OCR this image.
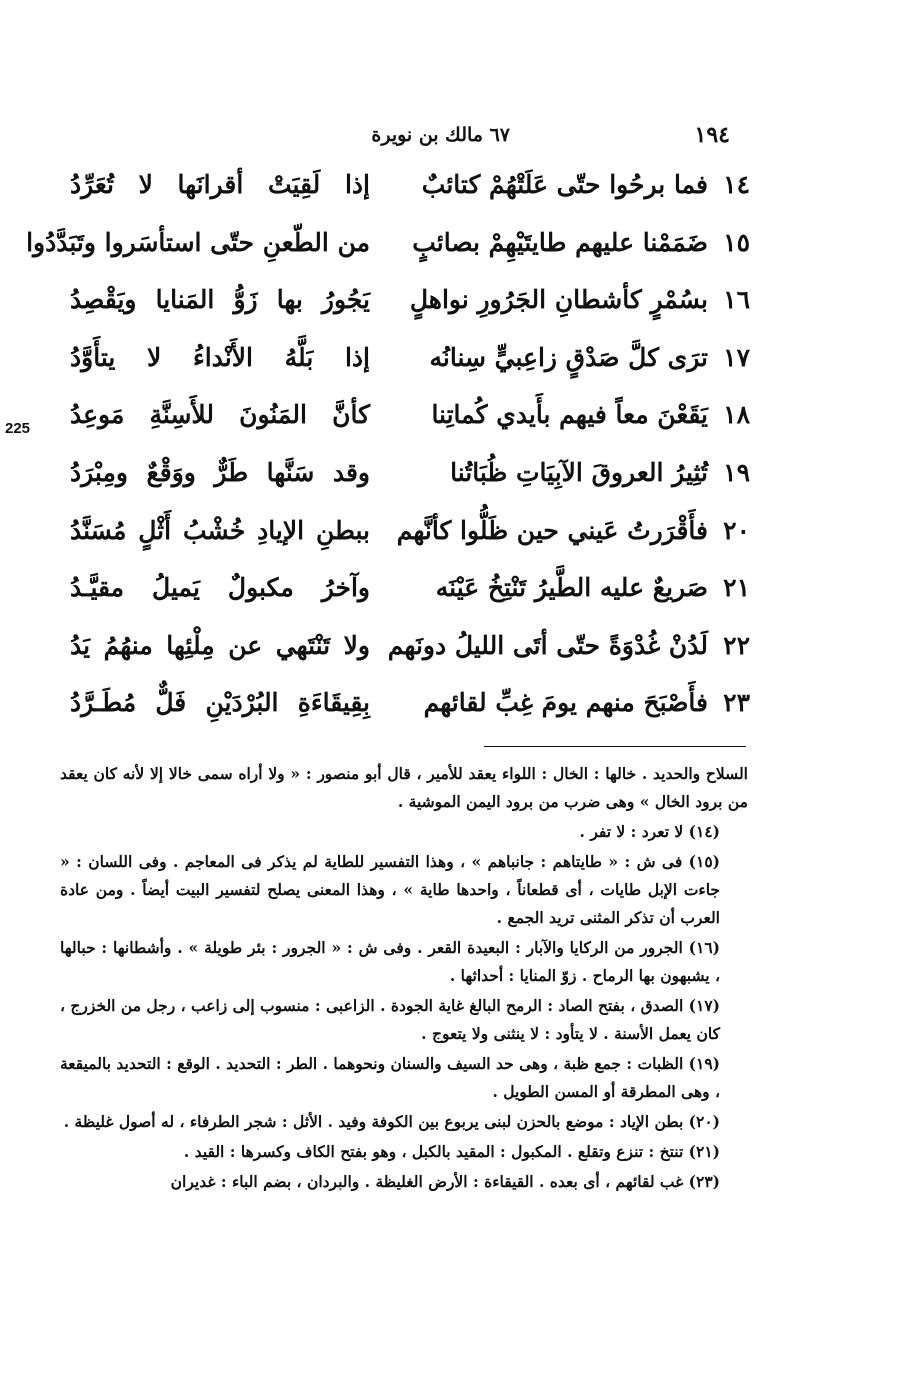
١٩٤
٦٧ مالك بن نويرة
225
١٤
فما برحُوا حتّى عَلَتْهُمْ كتائبٌ
إذا لَقِيَتْ أقرانَها لا تُعَرِّدُ
١٥
ضَمَمْنا عليهم طايتَيْهِمْ بصائبٍ
من الطّعنِ حتّى استأسَروا وتَبَدَّدُوا
١٦
بسُمْرٍ كأشطانِ الجَرُورِ نواهلٍ
يَجُورُ بها زَوُّ المَنايا ويَقْصِدُ
١٧
ترَى كلَّ صَدْقٍ زاعِبيٍّ سِنانُه
إذا بَلَّهُ الأَنْداءُ لا يتأَوَّدُ
١٨
يَقَعْنَ معاً فيهم بأَيدي كُماتِنا
كأنَّ المَنُونَ للأَسِنَّةِ مَوعِدُ
١٩
تُثِيرُ العروقَ الآبِيَاتِ ظُبَاتُنا
وقد سَنَّها طَرٌّ ووَقْعٌ ومِبْرَدُ
٢٠
فأَقْرَرتُ عَيني حين ظَلُّوا كأنَّهم
ببطنِ الإيادِ خُشْبُ أَثْلٍ مُسَنَّدُ
٢١
صَريعٌ عليه الطَّيرُ تَنْتِخُ عَيْنَه
وآخرُ مكبولٌ يَميلُ مقيَّـدُ
٢٢
لَدُنْ غُدْوَةً حتّى أتَى الليلُ دونَهم
ولا تَنْتَهي عن مِلْئِها منهُمُ يَدُ
٢٣
فأَصْبَحَ منهم يومَ غِبِّ لقائهم
بِقِيقَاءَةِ البُرْدَيْنِ فَلٌّ مُطَـرَّدُ

السلاح والحديد . خالها : الخال : اللواء يعقد للأمير ، قال أبو منصور : « ولا أراه سمى خالا إلا لأنه كان يعقد من برود الخال » وهى ضرب من برود اليمن الموشية .

(١٤) لا تعرد : لا تفر .

(١٥) فى ش : « طايتاهم : جانباهم » ، وهذا التفسير للطاية لم يذكر فى المعاجم . وفى اللسان : « جاءت الإبل طايات ، أى قطعاناً ، واحدها طاية » ، وهذا المعنى يصلح لتفسير البيت أيضاً . ومن عادة العرب أن تذكر المثنى تريد الجمع .

(١٦) الجرور من الركايا والآبار : البعيدة القعر . وفى ش : « الجرور : بئر طويلة » . وأشطانها : حبالها ، يشبهون بها الرماح . زوّ المنايا : أحداثها .

(١٧) الصدق ، بفتح الصاد : الرمح البالغ غاية الجودة . الزاعبى : منسوب إلى زاعب ، رجل من الخزرج ، كان يعمل الأسنة . لا يتأود : لا ينثنى ولا يتعوج .

(١٩) الظبات : جمع ظبة ، وهى حد السيف والسنان ونحوهما . الطر : التحديد . الوقع : التحديد بالميقعة ، وهى المطرقة أو المسن الطويل .

(٢٠) بطن الإياد : موضع بالحزن لبنى يربوع بين الكوفة وفيد . الأثل : شجر الطرفاء ، له أصول غليظة .

(٢١) تنتخ : تنزع وتقلع . المكبول : المقيد بالكبل ، وهو بفتح الكاف وكسرها : القيد .

(٢٣) غب لقائهم ، أى بعده . القيقاءة : الأرض الغليظة . والبردان ، بضم الباء : غديران
